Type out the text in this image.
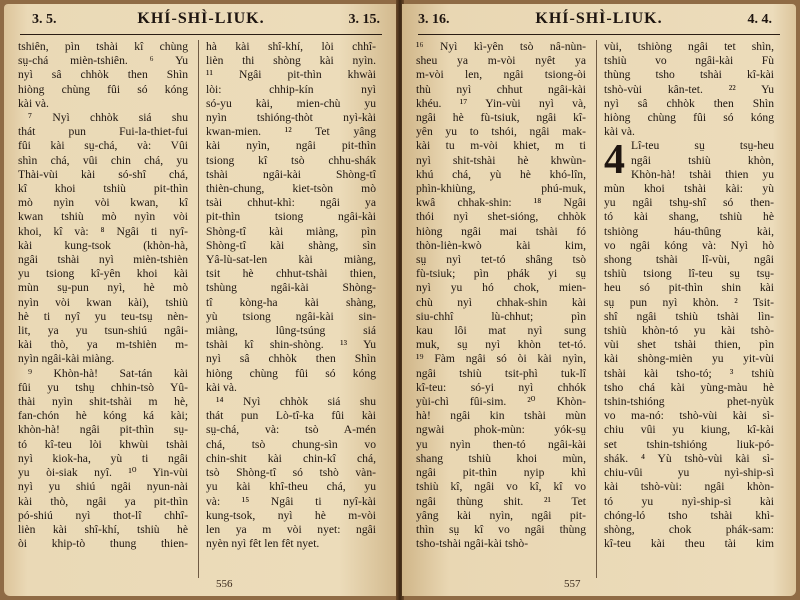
3. 5.	KHÍ-SHÌ-LIUK.	3. 15.
tshiên, pìn tshài kî chùng
sṳ-chá mièn-tshiên. ⁶ Yu
nyì sâ chhòk then Shìn
hiòng chùng fûi só kóng
kài và.
⁷ Nyì chhòk siá shu
thát pun Fui-la-thiet-fui
fûi kài sṳ-chá, và: Vûi
shìn chá, vûi chin chá, yu
Thài-vùi kài só-shî chá,
kî khoi tshiù pit-thìn
mò nyìn vòi kwan, kî
kwan tshiù mò nyìn vòi
khoi, kî và: ⁸ Ngâi ti nyî-
kài kung-tsok (khòn-hà,
ngâi tshài nyì mièn-tshièn
yu tsiong kî-yên khoi kài
mùn sṳ-pun nyì, hè mò
nyìn vòi kwan kài), tshiù
hè ti nyî yu teu-tsṳ nèn-
lit, ya yu tsun-shiú ngâi-
kài thò, ya m-tshièn m-
nyìn ngâi-kài miàng.
⁹ Khòn-hà! Sat-tán kài
fûi yu tshṳ chhin-tsò Yû-
thài nyìn shit-tshài m hè,
fan-chón hè kóng ká kài;
khòn-hà! ngâi pit-thìn sṳ-
tó kî-teu lòi khwùi tshài
nyì kiok-ha, yù ti ngâi
yu òi-siak nyî. ¹⁰ Yin-vùi
nyì yu shiú ngâi nyun-nài
kài thò, ngâi ya pit-thìn
pó-shiú nyì thot-lî chhî-
lièn kài shî-khí, tshiù hè
òi khip-tò thung thien-
hà kài shî-khí, lòi chhî-
lièn thi shòng kài nyìn.
¹¹ Ngâi pit-thìn khwài
lòi: chhip-kín nyì
só-yu kài, mien-chù yu
nyìn tshióng-thòt nyì-kài
kwan-mien. ¹² Tet yâng
kài nyìn, ngâi pit-thìn
tsiong kî tsò chhu-shák
tshài ngâi-kài Shòng-tî
thièn-chung, kiet-tsòn mò
tsài chhut-khì: ngâi ya
pit-thìn tsiong ngâi-kài
Shòng-tî kài miàng, pìn
Shòng-tî kài shàng, sìn
Yâ-lù-sat-len kài miàng,
tsit hè chhut-tshài thien,
tshùng ngâi-kài Shòng-
tî kòng-ha kài shàng,
yù tsiong ngâi-kài sin-
miàng, lûng-tsúng siá
tshài kî shin-shòng. ¹³ Yu
nyì sâ chhòk then Shìn
hiòng chùng fûi só kóng
kài và.
¹⁴ Nyì chhòk siá shu
thát pun Lò-tî-ka fûi kài
sṳ-chá, và: tsò A-mén
chá, tsò chung-sìn vo
chin-shit kài chin-kî chá,
tsò Shòng-tî só tshò vàn-
yu kài khî-theu chá, yu
và: ¹⁵ Ngâi ti nyî-kài
kung-tsok, nyì hè m-vòi
len ya m vòi nyet: ngâi
nyèn nyì fêt len fêt nyet.
556
3. 16.	KHÍ-SHÌ-LIUK.	4. 4.
¹⁶ Nyì kì-yên tsò nâ-nùn-
sheu ya m-vòi nyêt ya
m-vòi len, ngâi tsiong-òi
thù nyì chhut ngâi-kài
khéu. ¹⁷ Yin-vùi nyì và,
ngâi hè fù-tsiuk, ngâi kî-
yên yu to tshói, ngâi mak-
kài tu m-vòi khiet, m ti
nyì shit-tshài hè khwùn-
khú chá, yù hè khó-lîn,
phìn-khiùng, phú-muk,
kwâ chhak-shin: ¹⁸ Ngâi
thói nyì shet-sióng, chhòk
hiòng ngâi mai tshài fó
thòn-lièn-kwò kài kim,
sṳ nyì tet-tó shâng tsò
fù-tsiuk; pìn phák yi sṳ
nyì yu hó chok, mien-
chù nyì chhak-shin kài
siu-chhî lù-chhut; pìn
kau lôi mat nyì sung
muk, sṳ nyì khòn tet-tó.
¹⁹ Fàm ngâi só òi kài nyìn,
ngâi tshiù tsit-phì tuk-lî
kî-teu: só-yi nyì chhók
yùi-chì fûi-sim. ²⁰ Khòn-
hà! ngâi kin tshài mùn
ngwài phok-mùn: yók-sṳ
yu nyìn then-tó ngâi-kài
shang tshiù khoi mùn,
ngâi pit-thìn nyip khì
tshiù kî, ngâi vo kî, kî vo
ngâi thùng shit. ²¹ Tet
yâng kài nyìn, ngâi pit-
thìn sṳ kî vo ngâi thùng
tsho-tshài ngâi-kài tshò-
vùi, tshiòng ngâi tet shìn,
tshiù vo ngâi-kài Fù
thùng tsho tshài kî-kài
tshò-vùi kân-tet. ²² Yu
nyì sâ chhòk then Shìn
hiòng chùng fûi só kóng
kài và.
4 Lî-teu sṳ tsṳ-heu
ngâi tshiù khòn,
Khòn-hà! tshài thien yu
mùn khoi tshài kài: yù
yu ngâi tshṳ-shî só then-
tó kài shang, tshiù hè
tshiòng háu-thûng kài,
vo ngâi kóng và: Nyì hò
shong tshài lî-vùi, ngâi
tshiù tsiong lî-teu sṳ tsṳ-
heu só pit-thìn shin kài
sṳ pun nyì khòn. ² Tsit-
shî ngâi tshiù tshài lìn-
tshiù khòn-tó yu kài tshò-
vùi shet tshài thien, pìn
kài shòng-mièn yu yit-vùi
tshài kài tsho-tó; ³ tshiù
tsho chá kài yùng-màu hè
tshin-tshióng phet-nyùk
vo ma-nó: tshò-vùi kài sì-
chiu vûi yu kiung, kî-kài
set tshin-tshióng liuk-pó-
shák. ⁴ Yù tshò-vùi kài sì-
chiu-vûi yu nyì-ship-sì
kài tshò-vùi: ngâi khòn-
tó yu nyì-ship-sì kài
chóng-ló tsho tshài khì-
shòng, chok phák-sam:
kî-teu kài theu tài kim
557
